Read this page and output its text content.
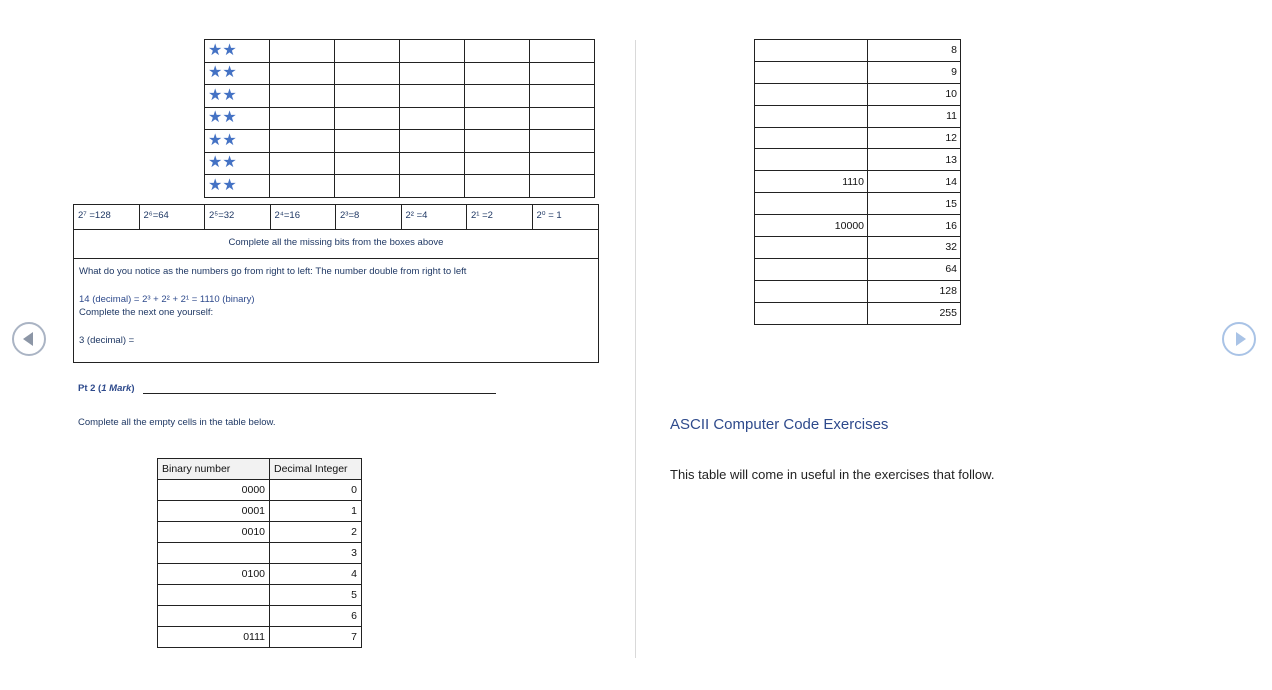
★★					
★★					
★★					
★★					
★★					
★★					
★★					
2⁷ =128	2⁶=64	2⁵=32	2⁴=16	2³=8	2² =4	2¹ =2	2⁰ = 1
Complete all the missing bits from the boxes above
What do you notice as the numbers go from right to left: The number double from right to left
14 (decimal) = 2³ + 2² + 2¹ = 1110 (binary)
Complete the next one yourself:
3 (decimal) =
Pt 2 (1 Mark)
Complete all the empty cells in the table below.
Binary number	Decimal Integer
0000	0
0001	1
0010	2
	3
0100	4
	5
	6
0111	7
	8
	9
	10
	11
	12
	13
1110	14
	15
10000	16
	32
	64
	128
	255
ASCII Computer Code Exercises
This table will come in useful in the exercises that follow.
